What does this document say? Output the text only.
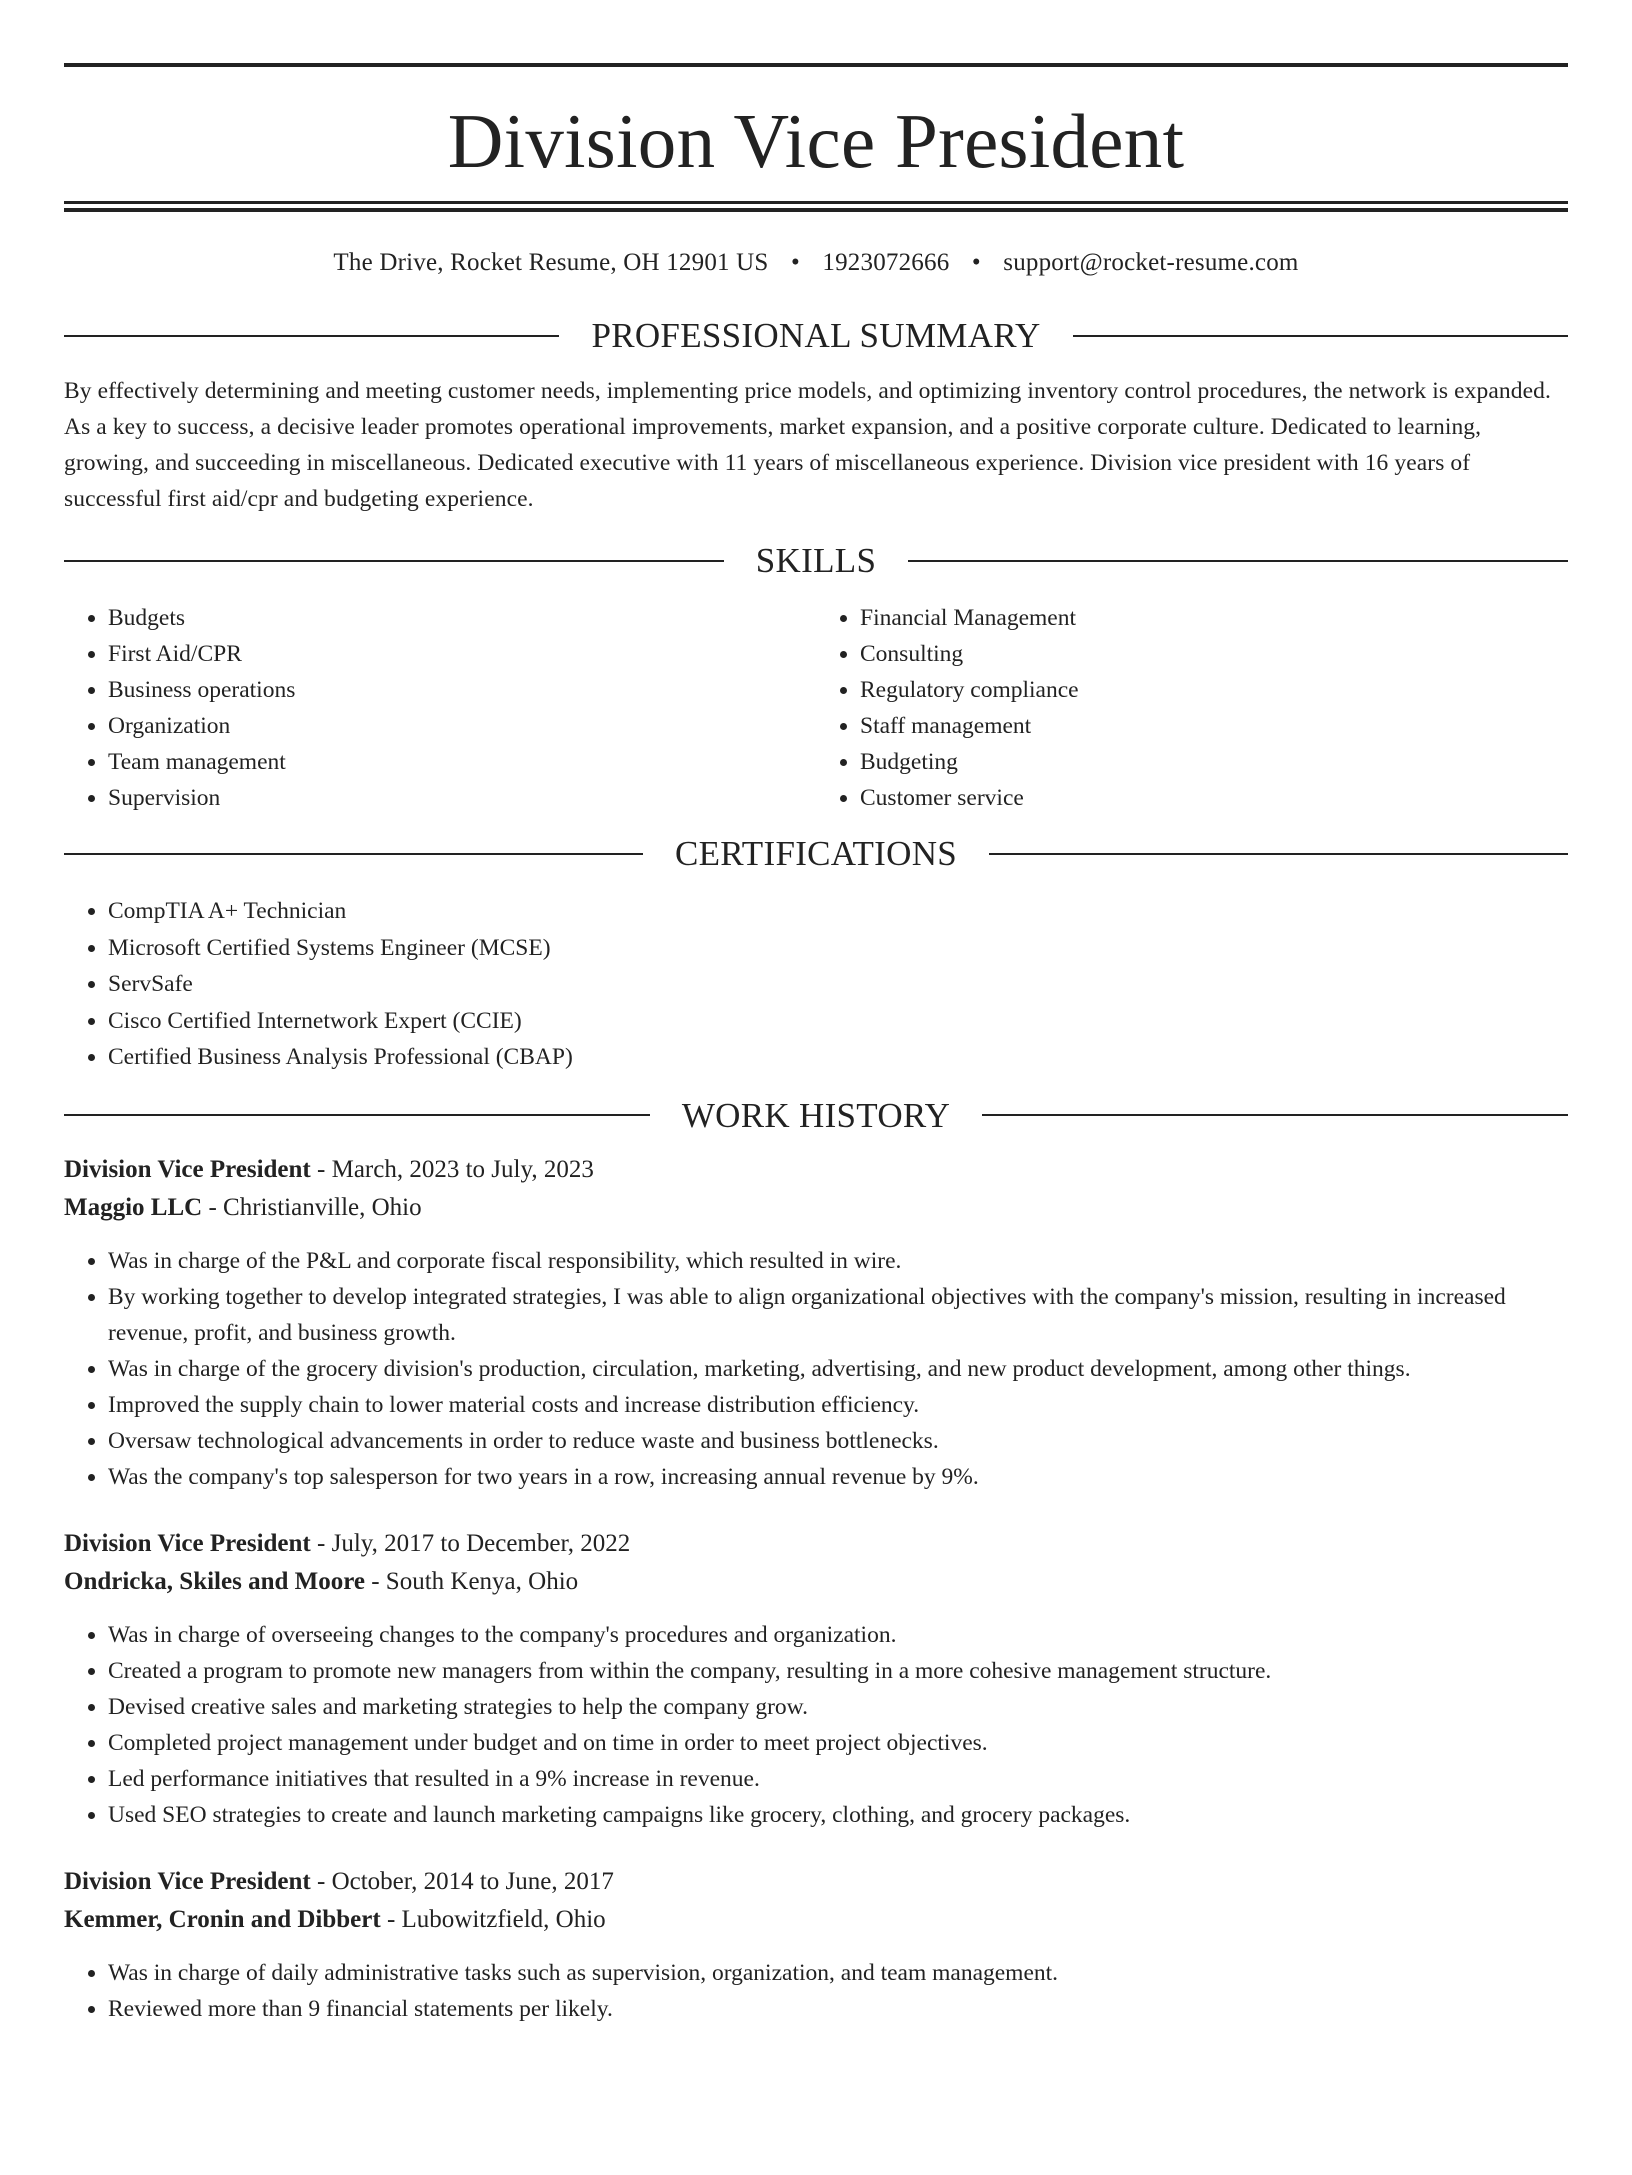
Division Vice President
The Drive, Rocket Resume, OH 12901 US • 1923072666 • support@rocket-resume.com
PROFESSIONAL SUMMARY

By effectively determining and meeting customer needs, implementing price models, and optimizing inventory control procedures, the network is expanded. As a key to success, a decisive leader promotes operational improvements, market expansion, and a positive corporate culture. Dedicated to learning, growing, and succeeding in miscellaneous. Dedicated executive with 11 years of miscellaneous experience. Division vice president with 16 years of successful first aid/cpr and budgeting experience.

SKILLS
• Budgets
• First Aid/CPR
• Business operations
• Organization
• Team management
• Supervision
• Financial Management
• Consulting
• Regulatory compliance
• Staff management
• Budgeting
• Customer service
CERTIFICATIONS
• CompTIA A+ Technician
• Microsoft Certified Systems Engineer (MCSE)
• ServSafe
• Cisco Certified Internetwork Expert (CCIE)
• Certified Business Analysis Professional (CBAP)
WORK HISTORY
Division Vice President - March, 2023 to July, 2023
Maggio LLC - Christianville, Ohio
• Was in charge of the P&L and corporate fiscal responsibility, which resulted in wire.
• By working together to develop integrated strategies, I was able to align organizational objectives with the company's mission, resulting in increased revenue, profit, and business growth.
• Was in charge of the grocery division's production, circulation, marketing, advertising, and new product development, among other things.
• Improved the supply chain to lower material costs and increase distribution efficiency.
• Oversaw technological advancements in order to reduce waste and business bottlenecks.
• Was the company's top salesperson for two years in a row, increasing annual revenue by 9%.
Division Vice President - July, 2017 to December, 2022
Ondricka, Skiles and Moore - South Kenya, Ohio
• Was in charge of overseeing changes to the company's procedures and organization.
• Created a program to promote new managers from within the company, resulting in a more cohesive management structure.
• Devised creative sales and marketing strategies to help the company grow.
• Completed project management under budget and on time in order to meet project objectives.
• Led performance initiatives that resulted in a 9% increase in revenue.
• Used SEO strategies to create and launch marketing campaigns like grocery, clothing, and grocery packages.
Division Vice President - October, 2014 to June, 2017
Kemmer, Cronin and Dibbert - Lubowitzfield, Ohio
• Was in charge of daily administrative tasks such as supervision, organization, and team management.
• Reviewed more than 9 financial statements per likely.
